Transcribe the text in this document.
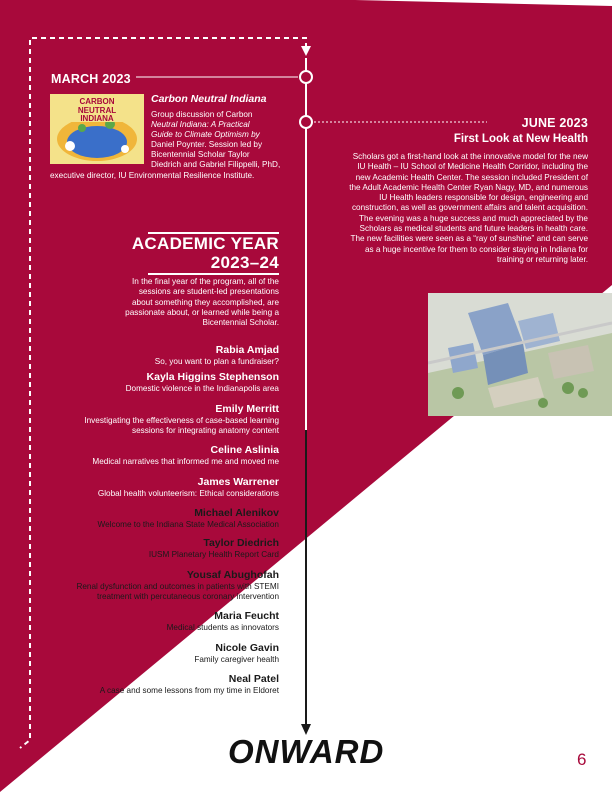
MARCH 2023
CARBON NEUTRAL INDIANA
Carbon Neutral Indiana
Group discussion of Carbon
Neutral Indiana: A Practical
Guide to Climate Optimism by
Daniel Poynter. Session led by
Bicentennial Scholar Taylor
Diedrich and Gabriel Filippelli, PhD,
executive director, IU Environmental Resilience Institute.
JUNE 2023
First Look at New Health
Scholars got a first-hand look at the innovative model for the new
IU Health – IU School of Medicine Health Corridor, including the
new Academic Health Center. The session included President of
the Adult Academic Health Center Ryan Nagy, MD, and numerous
IU Health leaders responsible for design, engineering and
construction, as well as government affairs and talent acquisition.
The evening was a huge success and much appreciated by the
Scholars as medical students and future leaders in health care.
The new facilities were seen as a “ray of sunshine” and can serve
as a huge incentive for them to consider staying in Indiana for
training or returning later.
ACADEMIC YEAR
2023–24
In the final year of the program, all of the
sessions are student-led presentations
about something they accomplished, are
passionate about, or learned while being a
Bicentennial Scholar.
Rabia Amjad
So, you want to plan a fundraiser?
Kayla Higgins Stephenson
Domestic violence in the Indianapolis area
Emily Merritt
Investigating the effectiveness of case-based learning
sessions for integrating anatomy content
Celine Aslinia
Medical narratives that informed me and moved me
James Warrener
Global health volunteerism: Ethical considerations
Michael Alenikov
Welcome to the Indiana State Medical Association
Taylor Diedrich
IUSM Planetary Health Report Card
Yousaf Abughofah
Renal dysfunction and outcomes in patients with STEMI
treatment with percutaneous coronary intervention
Maria Feucht
Medical students as innovators
Nicole Gavin
Family caregiver health
Neal Patel
A case and some lessons from my time in Eldoret
ONWARD	6
